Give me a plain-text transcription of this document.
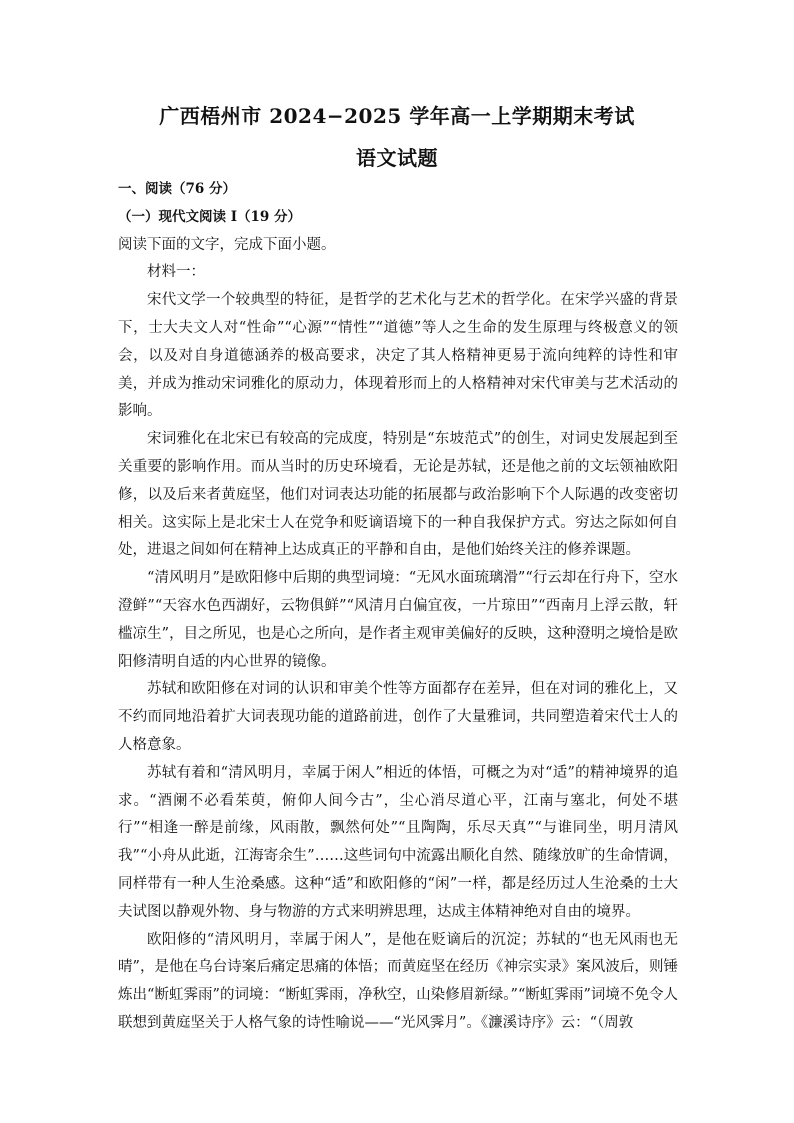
广西梧州市 2024−2025 学年高一上学期期末考试
语文试题

一、阅读（76 分）

（一）现代文阅读 I（19 分）

阅读下面的文字，完成下面小题。

材料一：

宋代文学一个较典型的特征，是哲学的艺术化与艺术的哲学化。在宋学兴盛的背景下，士大夫文人对“性命”“心源”“情性”“道德”等人之生命的发生原理与终极意义的领会，以及对自身道德涵养的极高要求，决定了其人格精神更易于流向纯粹的诗性和审美，并成为推动宋词雅化的原动力，体现着形而上的人格精神对宋代审美与艺术活动的影响。

宋词雅化在北宋已有较高的完成度，特别是“东坡范式”的创生，对词史发展起到至关重要的影响作用。而从当时的历史环境看，无论是苏轼，还是他之前的文坛领袖欧阳修，以及后来者黄庭坚，他们对词表达功能的拓展都与政治影响下个人际遇的改变密切相关。这实际上是北宋士人在党争和贬谪语境下的一种自我保护方式。穷达之际如何自处，进退之间如何在精神上达成真正的平静和自由，是他们始终关注的修养课题。

“清风明月”是欧阳修中后期的典型词境：“无风水面琉璃滑”“行云却在行舟下，空水澄鲜”“天容水色西湖好，云物俱鲜”“风清月白偏宜夜，一片琼田”“西南月上浮云散，轩槛凉生”，目之所见，也是心之所向，是作者主观审美偏好的反映，这种澄明之境恰是欧阳修清明自适的内心世界的镜像。

苏轼和欧阳修在对词的认识和审美个性等方面都存在差异，但在对词的雅化上，又不约而同地沿着扩大词表现功能的道路前进，创作了大量雅词，共同塑造着宋代士人的人格意象。

苏轼有着和“清风明月，幸属于闲人”相近的体悟，可概之为对“适”的精神境界的追求。“酒阑不必看茱萸，俯仰人间今古”，尘心消尽道心平，江南与塞北，何处不堪行”“相逢一醉是前缘，风雨散，飘然何处”“且陶陶，乐尽天真”“与谁同坐，明月清风我”“小舟从此逝，江海寄余生”……这些词句中流露出顺化自然、随缘放旷的生命情调，同样带有一种人生沧桑感。这种“适”和欧阳修的“闲”一样，都是经历过人生沧桑的士大夫试图以静观外物、身与物游的方式来明辨思理，达成主体精神绝对自由的境界。

欧阳修的“清风明月，幸属于闲人”，是他在贬谪后的沉淀；苏轼的“也无风雨也无晴”，是他在乌台诗案后痛定思痛的体悟；而黄庭坚在经历《神宗实录》案风波后，则锤炼出“断虹霁雨”的词境：“断虹霁雨，净秋空，山染修眉新绿。”“断虹霁雨”词境不免令人联想到黄庭坚关于人格气象的诗性喻说——“光风霁月”。《濂溪诗序》云：“（周敦
